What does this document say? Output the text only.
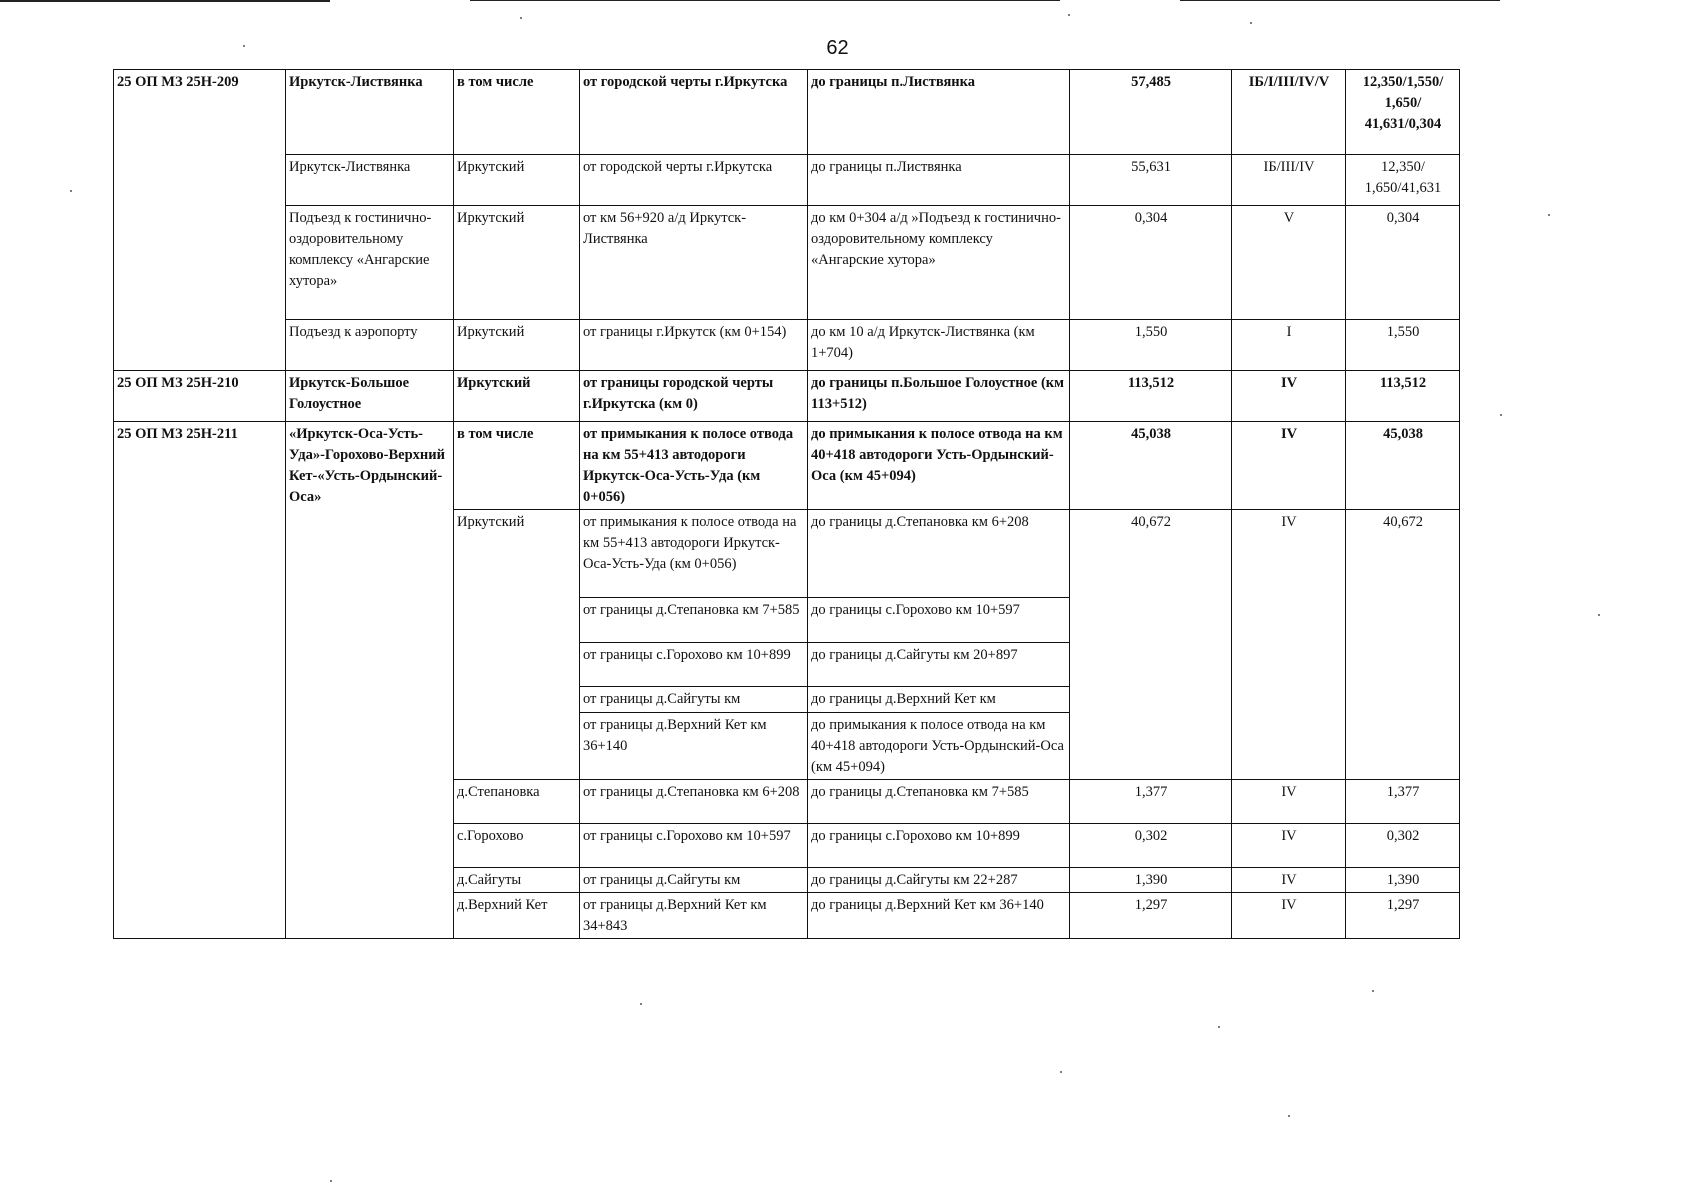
62
25 ОП МЗ 25Н-209	Иркутск-Листвянка	в том числе	от городской черты г.Иркутска	до границы п.Листвянка	57,485	IБ/I/III/IV/V	12,350/1,550/ 1,650/ 41,631/0,304
	Иркутск-Листвянка	Иркутский	от городской черты г.Иркутска	до границы п.Листвянка	55,631	IБ/III/IV	12,350/ 1,650/41,631
	Подъезд к гостинично-оздоровительному комплексу «Ангарские хутора»	Иркутский	от км 56+920 а/д Иркутск-Листвянка	до км 0+304 а/д »Подъезд к гостинично-оздоровительному комплексу «Ангарские хутора»	0,304	V	0,304
	Подъезд к аэропорту	Иркутский	от границы г.Иркутск (км 0+154)	до км 10 а/д Иркутск-Листвянка (км 1+704)	1,550	I	1,550
25 ОП МЗ 25Н-210	Иркутск-Большое Голоустное	Иркутский	от границы городской черты г.Иркутска (км 0)	до границы п.Большое Голоустное (км 113+512)	113,512	IV	113,512
25 ОП МЗ 25Н-211	«Иркутск-Оса-Усть-Уда»-Горохово-Верхний Кет-«Усть-Ордынский-Оса»	в том числе	от примыкания к полосе отвода на км 55+413 автодороги Иркутск-Оса-Усть-Уда (км 0+056)	до примыкания к полосе отвода на км 40+418 автодороги Усть-Ордынский-Оса (км 45+094)	45,038	IV	45,038
		Иркутский	от примыкания к полосе отвода на км 55+413 автодороги Иркутск-Оса-Усть-Уда (км 0+056)	до границы д.Степановка км 6+208	40,672	IV	40,672
			от границы д.Степановка км 7+585	до границы с.Горохово км 10+597			
			от границы с.Горохово км 10+899	до границы д.Сайгуты км 20+897			
			от границы д.Сайгуты км	до границы д.Верхний Кет км			
			от границы д.Верхний Кет км 36+140	до примыкания к полосе отвода на км 40+418 автодороги Усть-Ордынский-Оса (км 45+094)			
		д.Степановка	от границы д.Степановка км 6+208	до границы д.Степановка км 7+585	1,377	IV	1,377
		с.Горохово	от границы с.Горохово км 10+597	до границы с.Горохово км 10+899	0,302	IV	0,302
		д.Сайгуты	от границы д.Сайгуты км	до границы д.Сайгуты км 22+287	1,390	IV	1,390
		д.Верхний Кет	от границы д.Верхний Кет км 34+843	до границы д.Верхний Кет км 36+140	1,297	IV	1,297
